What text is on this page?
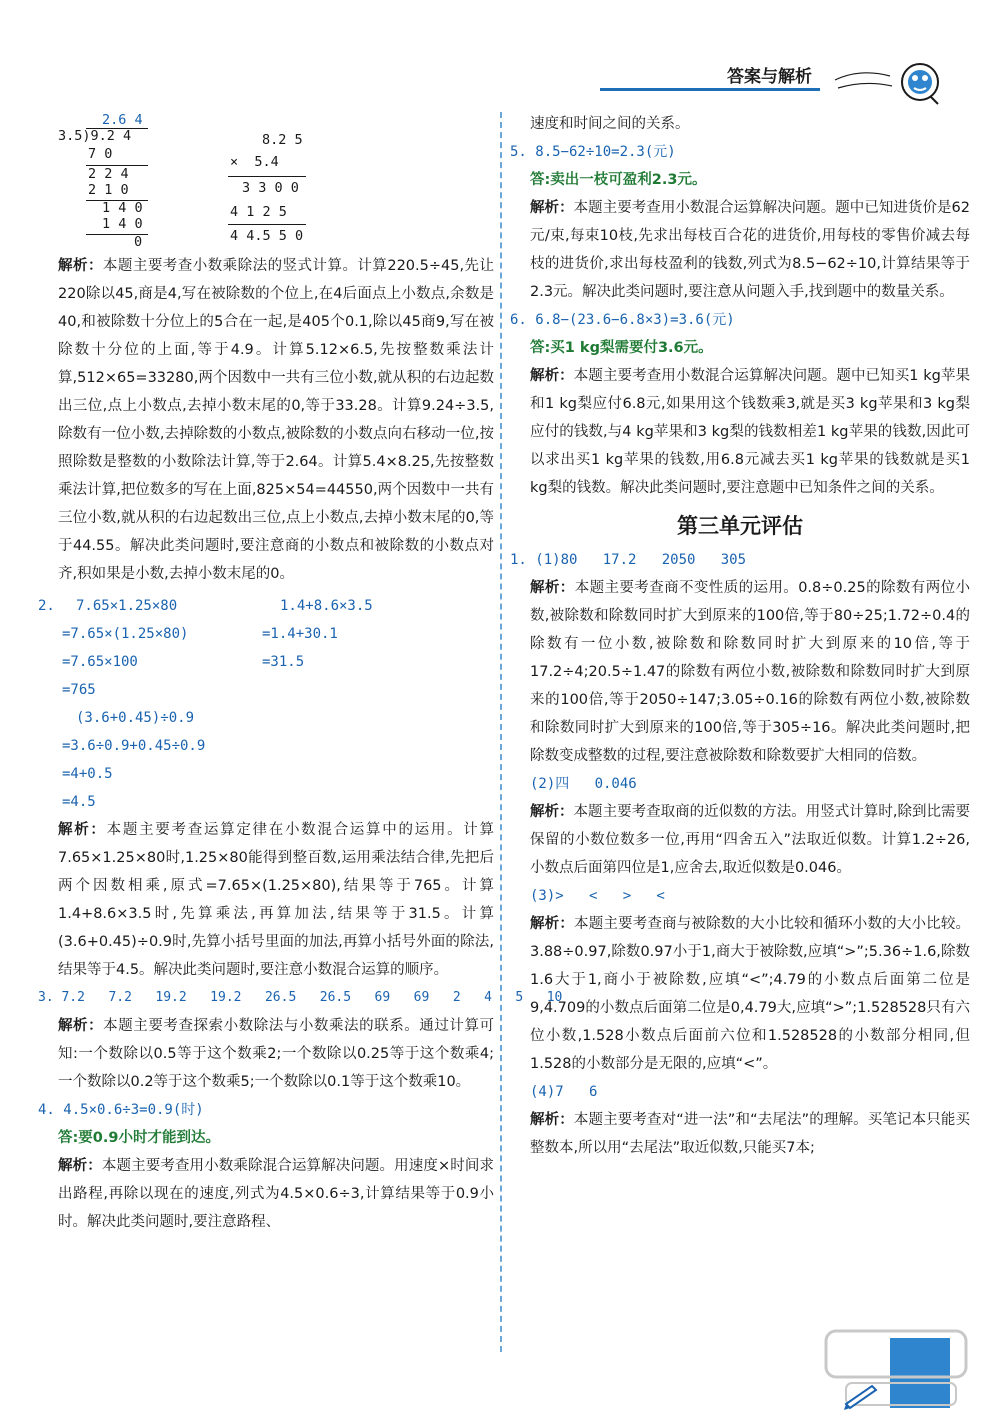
答案与解析
2.6 4
3.5)9.2 4
7 0
2 2 4
2 1 0
1 4 0
1 4 0
0
8.2 5
×  5.4
3 3 0 0
4 1 2 5
4 4.5 5 0

解析：本题主要考查小数乘除法的竖式计算。计算220.5÷45,先让220除以45,商是4,写在被除数的个位上,在4后面点上小数点,余数是40,和被除数十分位上的5合在一起,是405个0.1,除以45商9,写在被除数十分位的上面,等于4.9。计算5.12×6.5,先按整数乘法计算,512×65=33280,两个因数中一共有三位小数,就从积的右边起数出三位,点上小数点,去掉小数末尾的0,等于33.28。计算9.24÷3.5,除数有一位小数,去掉除数的小数点,被除数的小数点向右移动一位,按照除数是整数的小数除法计算,等于2.64。计算5.4×8.25,先按整数乘法计算,把位数多的写在上面,825×54=44550,两个因数中一共有三位小数,就从积的右边起数出三位,点上小数点,去掉小数末尾的0,等于44.55。解决此类问题时,要注意商的小数点和被除数的小数点对齐,积如果是小数,去掉小数末尾的0。

2. 7.65×1.25×80
=7.65×(1.25×80)
=7.65×100
=765
1.4+8.6×3.5
=1.4+30.1
=31.5
(3.6+0.45)÷0.9
=3.6÷0.9+0.45÷0.9
=4+0.5
=4.5

解析：本题主要考查运算定律在小数混合运算中的运用。计算7.65×1.25×80时,1.25×80能得到整百数,运用乘法结合律,先把后两个因数相乘,原式=7.65×(1.25×80),结果等于765。计算1.4+8.6×3.5时,先算乘法,再算加法,结果等于31.5。计算(3.6+0.45)÷0.9时,先算小括号里面的加法,再算小括号外面的除法,结果等于4.5。解决此类问题时,要注意小数混合运算的顺序。

3. 7.2   7.2   19.2   19.2   26.5   26.5   69   69   2   4   5   10

解析：本题主要考查探索小数除法与小数乘法的联系。通过计算可知:一个数除以0.5等于这个数乘2;一个数除以0.25等于这个数乘4;一个数除以0.2等于这个数乘5;一个数除以0.1等于这个数乘10。

4. 4.5×0.6÷3=0.9(时)

答:要0.9小时才能到达。

解析：本题主要考查用小数乘除混合运算解决问题。用速度×时间求出路程,再除以现在的速度,列式为4.5×0.6÷3,计算结果等于0.9小时。解决此类问题时,要注意路程、

速度和时间之间的关系。

5. 8.5−62÷10=2.3(元)

答:卖出一枝可盈利2.3元。

解析：本题主要考查用小数混合运算解决问题。题中已知进货价是62元/束,每束10枝,先求出每枝百合花的进货价,用每枝的零售价减去每枝的进货价,求出每枝盈利的钱数,列式为8.5−62÷10,计算结果等于2.3元。解决此类问题时,要注意从问题入手,找到题中的数量关系。

6. 6.8−(23.6−6.8×3)=3.6(元)

答:买1 kg梨需要付3.6元。

解析：本题主要考查用小数混合运算解决问题。题中已知买1 kg苹果和1 kg梨应付6.8元,如果用这个钱数乘3,就是买3 kg苹果和3 kg梨应付的钱数,与4 kg苹果和3 kg梨的钱数相差1 kg苹果的钱数,因此可以求出买1 kg苹果的钱数,用6.8元减去买1 kg苹果的钱数就是买1 kg梨的钱数。解决此类问题时,要注意题中已知条件之间的关系。

第三单元评估

1. (1)80   17.2   2050   305

解析：本题主要考查商不变性质的运用。0.8÷0.25的除数有两位小数,被除数和除数同时扩大到原来的100倍,等于80÷25;1.72÷0.4的除数有一位小数,被除数和除数同时扩大到原来的10倍,等于17.2÷4;20.5÷1.47的除数有两位小数,被除数和除数同时扩大到原来的100倍,等于2050÷147;3.05÷0.16的除数有两位小数,被除数和除数同时扩大到原来的100倍,等于305÷16。解决此类问题时,把除数变成整数的过程,要注意被除数和除数要扩大相同的倍数。

(2)四   0.046

解析：本题主要考查取商的近似数的方法。用竖式计算时,除到比需要保留的小数位数多一位,再用“四舍五入”法取近似数。计算1.2÷26,小数点后面第四位是1,应舍去,取近似数是0.046。

(3)>   <   >   <

解析：本题主要考查商与被除数的大小比较和循环小数的大小比较。3.88÷0.97,除数0.97小于1,商大于被除数,应填“>”;5.36÷1.6,除数1.6大于1,商小于被除数,应填“<”;4.79的小数点后面第二位是9,4.709的小数点后面第二位是0,4.79大,应填“>”;1.528528只有六位小数,1.528小数点后面前六位和1.528528的小数部分相同,但1.528的小数部分是无限的,应填“<”。

(4)7   6

解析：本题主要考查对“进一法”和“去尾法”的理解。买笔记本只能买整数本,所以用“去尾法”取近似数,只能买7本;
